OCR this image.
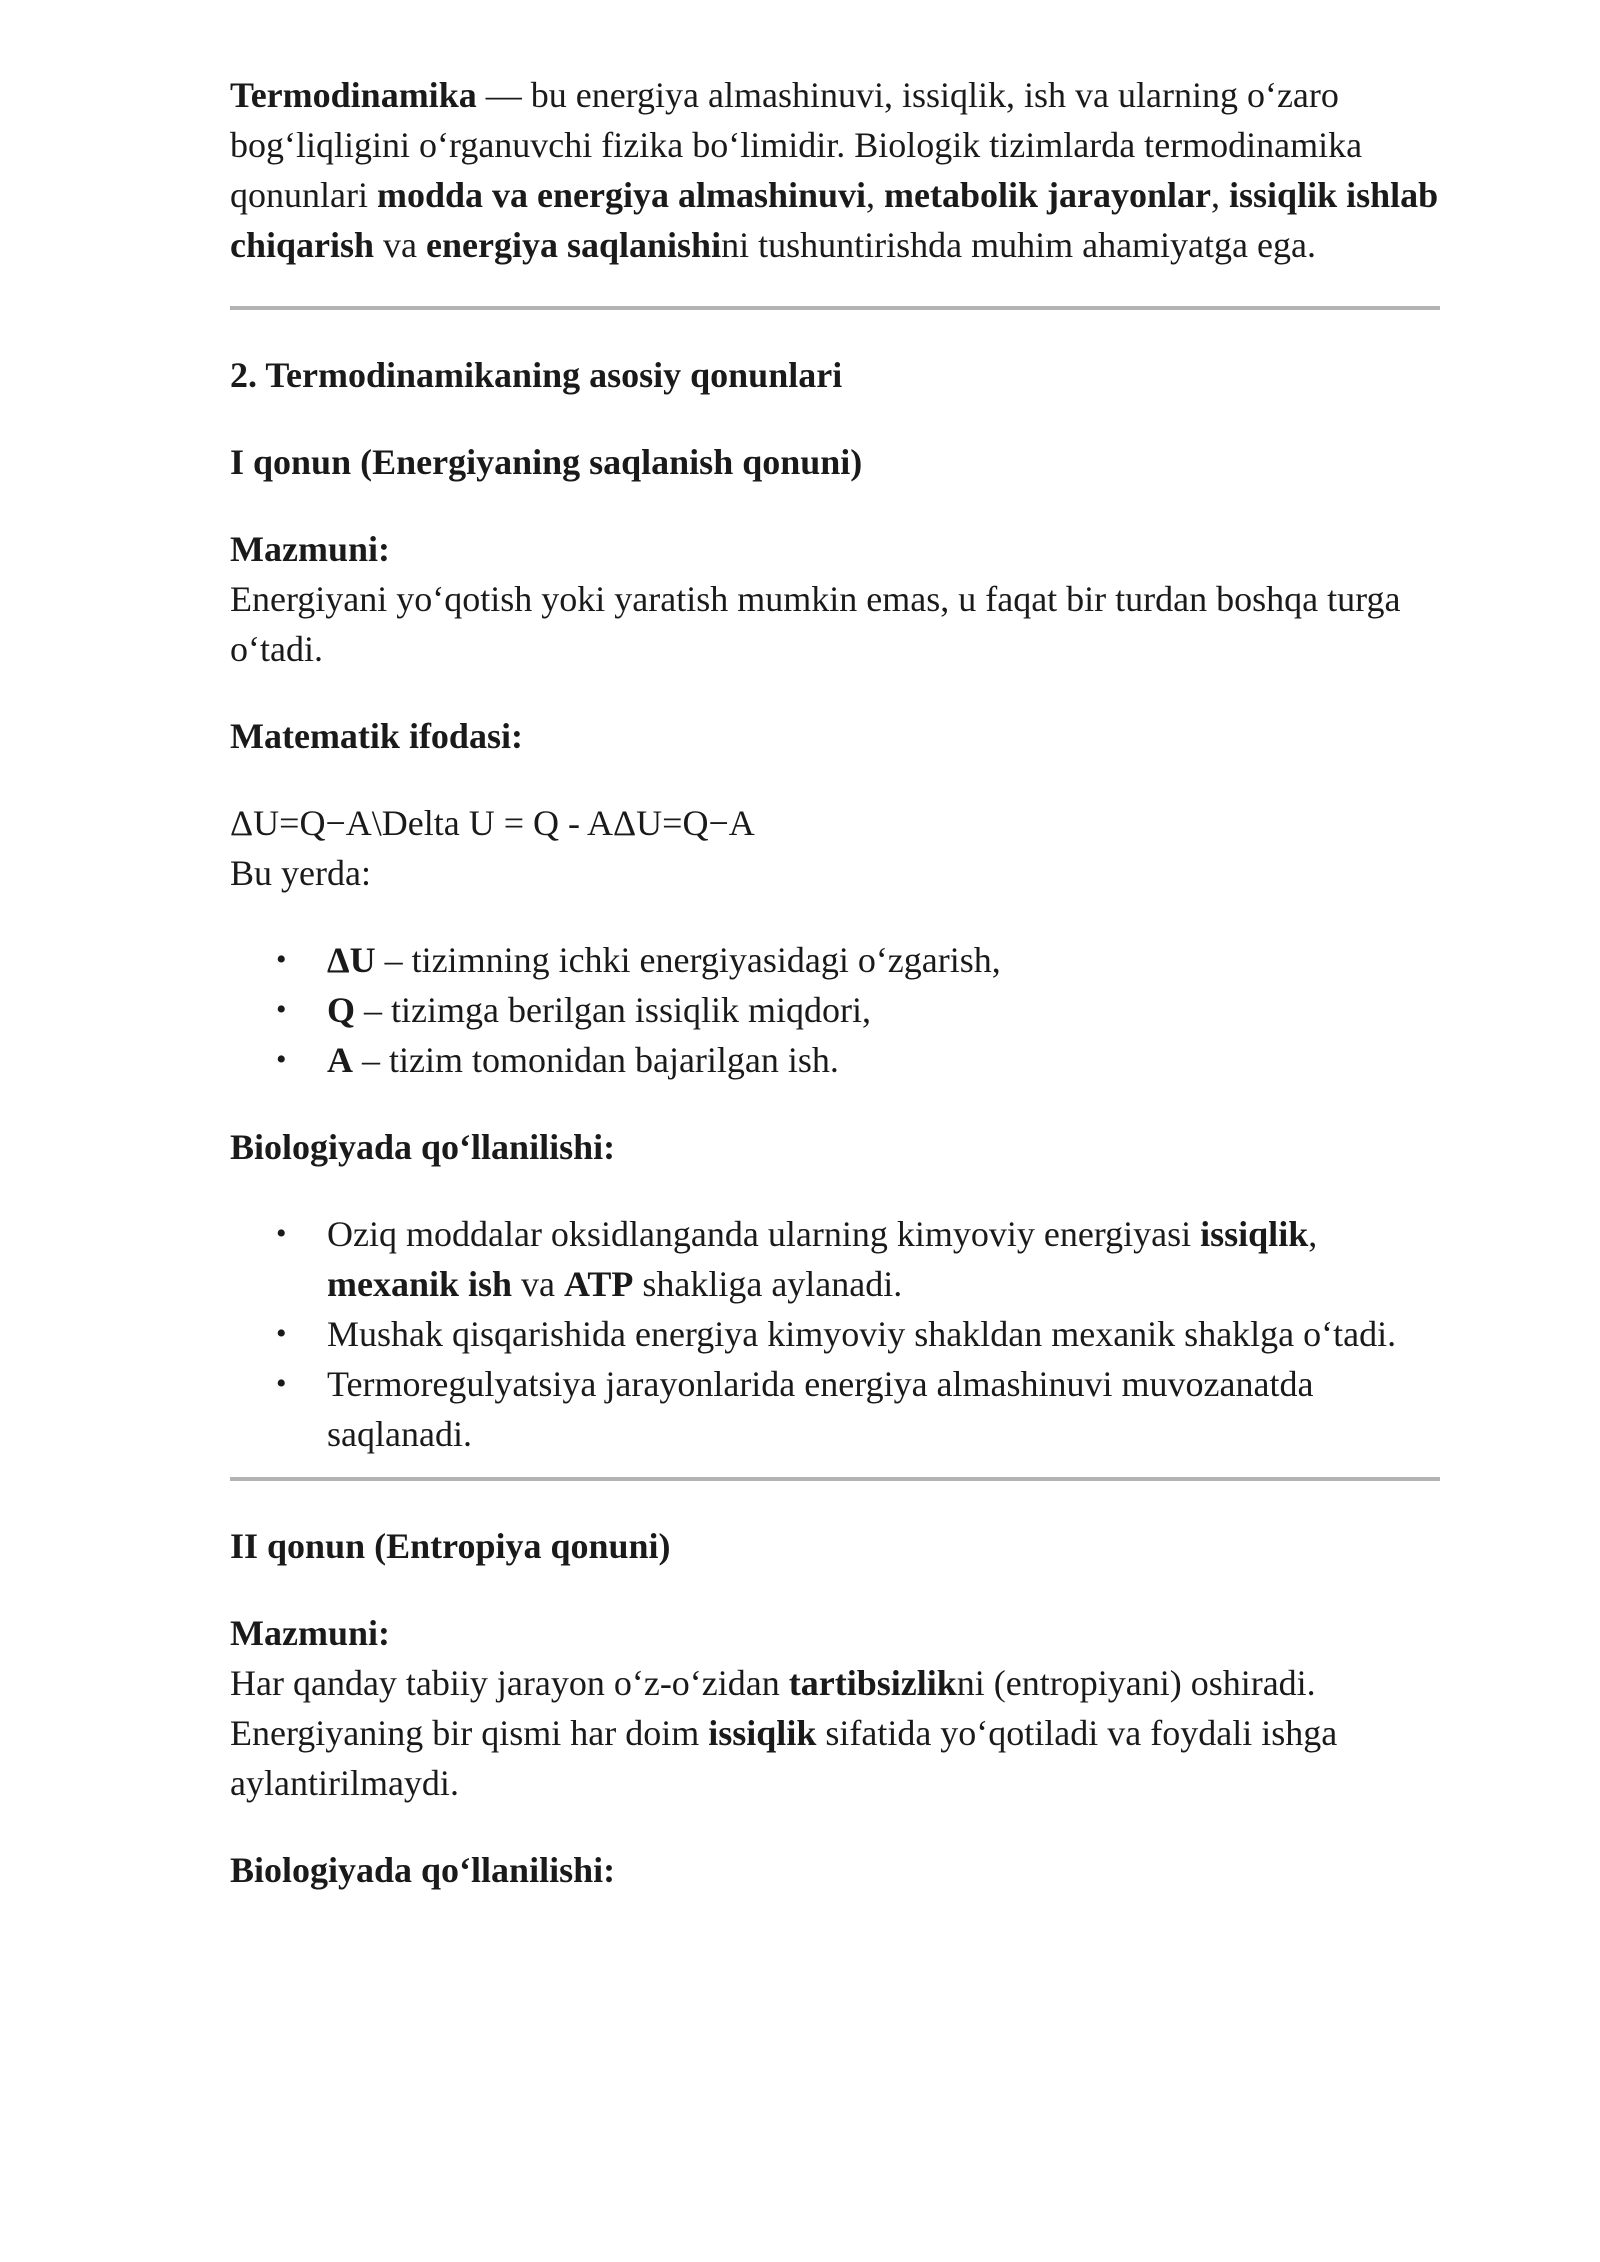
Termodinamika — bu energiya almashinuvi, issiqlik, ish va ularning o‘zaro bog‘liqligini o‘rganuvchi fizika bo‘limidir. Biologik tizimlarda termodinamika qonunlari modda va energiya almashinuvi, metabolik jarayonlar, issiqlik ishlab chiqarish va energiya saqlanishini tushuntirishda muhim ahamiyatga ega.

2. Termodinamikaning asosiy qonunlari

I qonun (Energiyaning saqlanish qonuni)

Mazmuni:

Energiyani yo‘qotish yoki yaratish mumkin emas, u faqat bir turdan boshqa turga o‘tadi.

Matematik ifodasi:

ΔU=Q−A\Delta U = Q - AΔU=Q−A

Bu yerda:

• ΔU – tizimning ichki energiyasidagi o‘zgarish,
• Q – tizimga berilgan issiqlik miqdori,
• A – tizim tomonidan bajarilgan ish.

Biologiyada qo‘llanilishi:

• Oziq moddalar oksidlanganda ularning kimyoviy energiyasi issiqlik, mexanik ish va ATP shakliga aylanadi.
• Mushak qisqarishida energiya kimyoviy shakldan mexanik shaklga o‘tadi.
• Termoregulyatsiya jarayonlarida energiya almashinuvi muvozanatda saqlanadi.

II qonun (Entropiya qonuni)

Mazmuni:

Har qanday tabiiy jarayon o‘z-o‘zidan tartibsizlikni (entropiyani) oshiradi. Energiyaning bir qismi har doim issiqlik sifatida yo‘qotiladi va foydali ishga aylantirilmaydi.

Biologiyada qo‘llanilishi:
